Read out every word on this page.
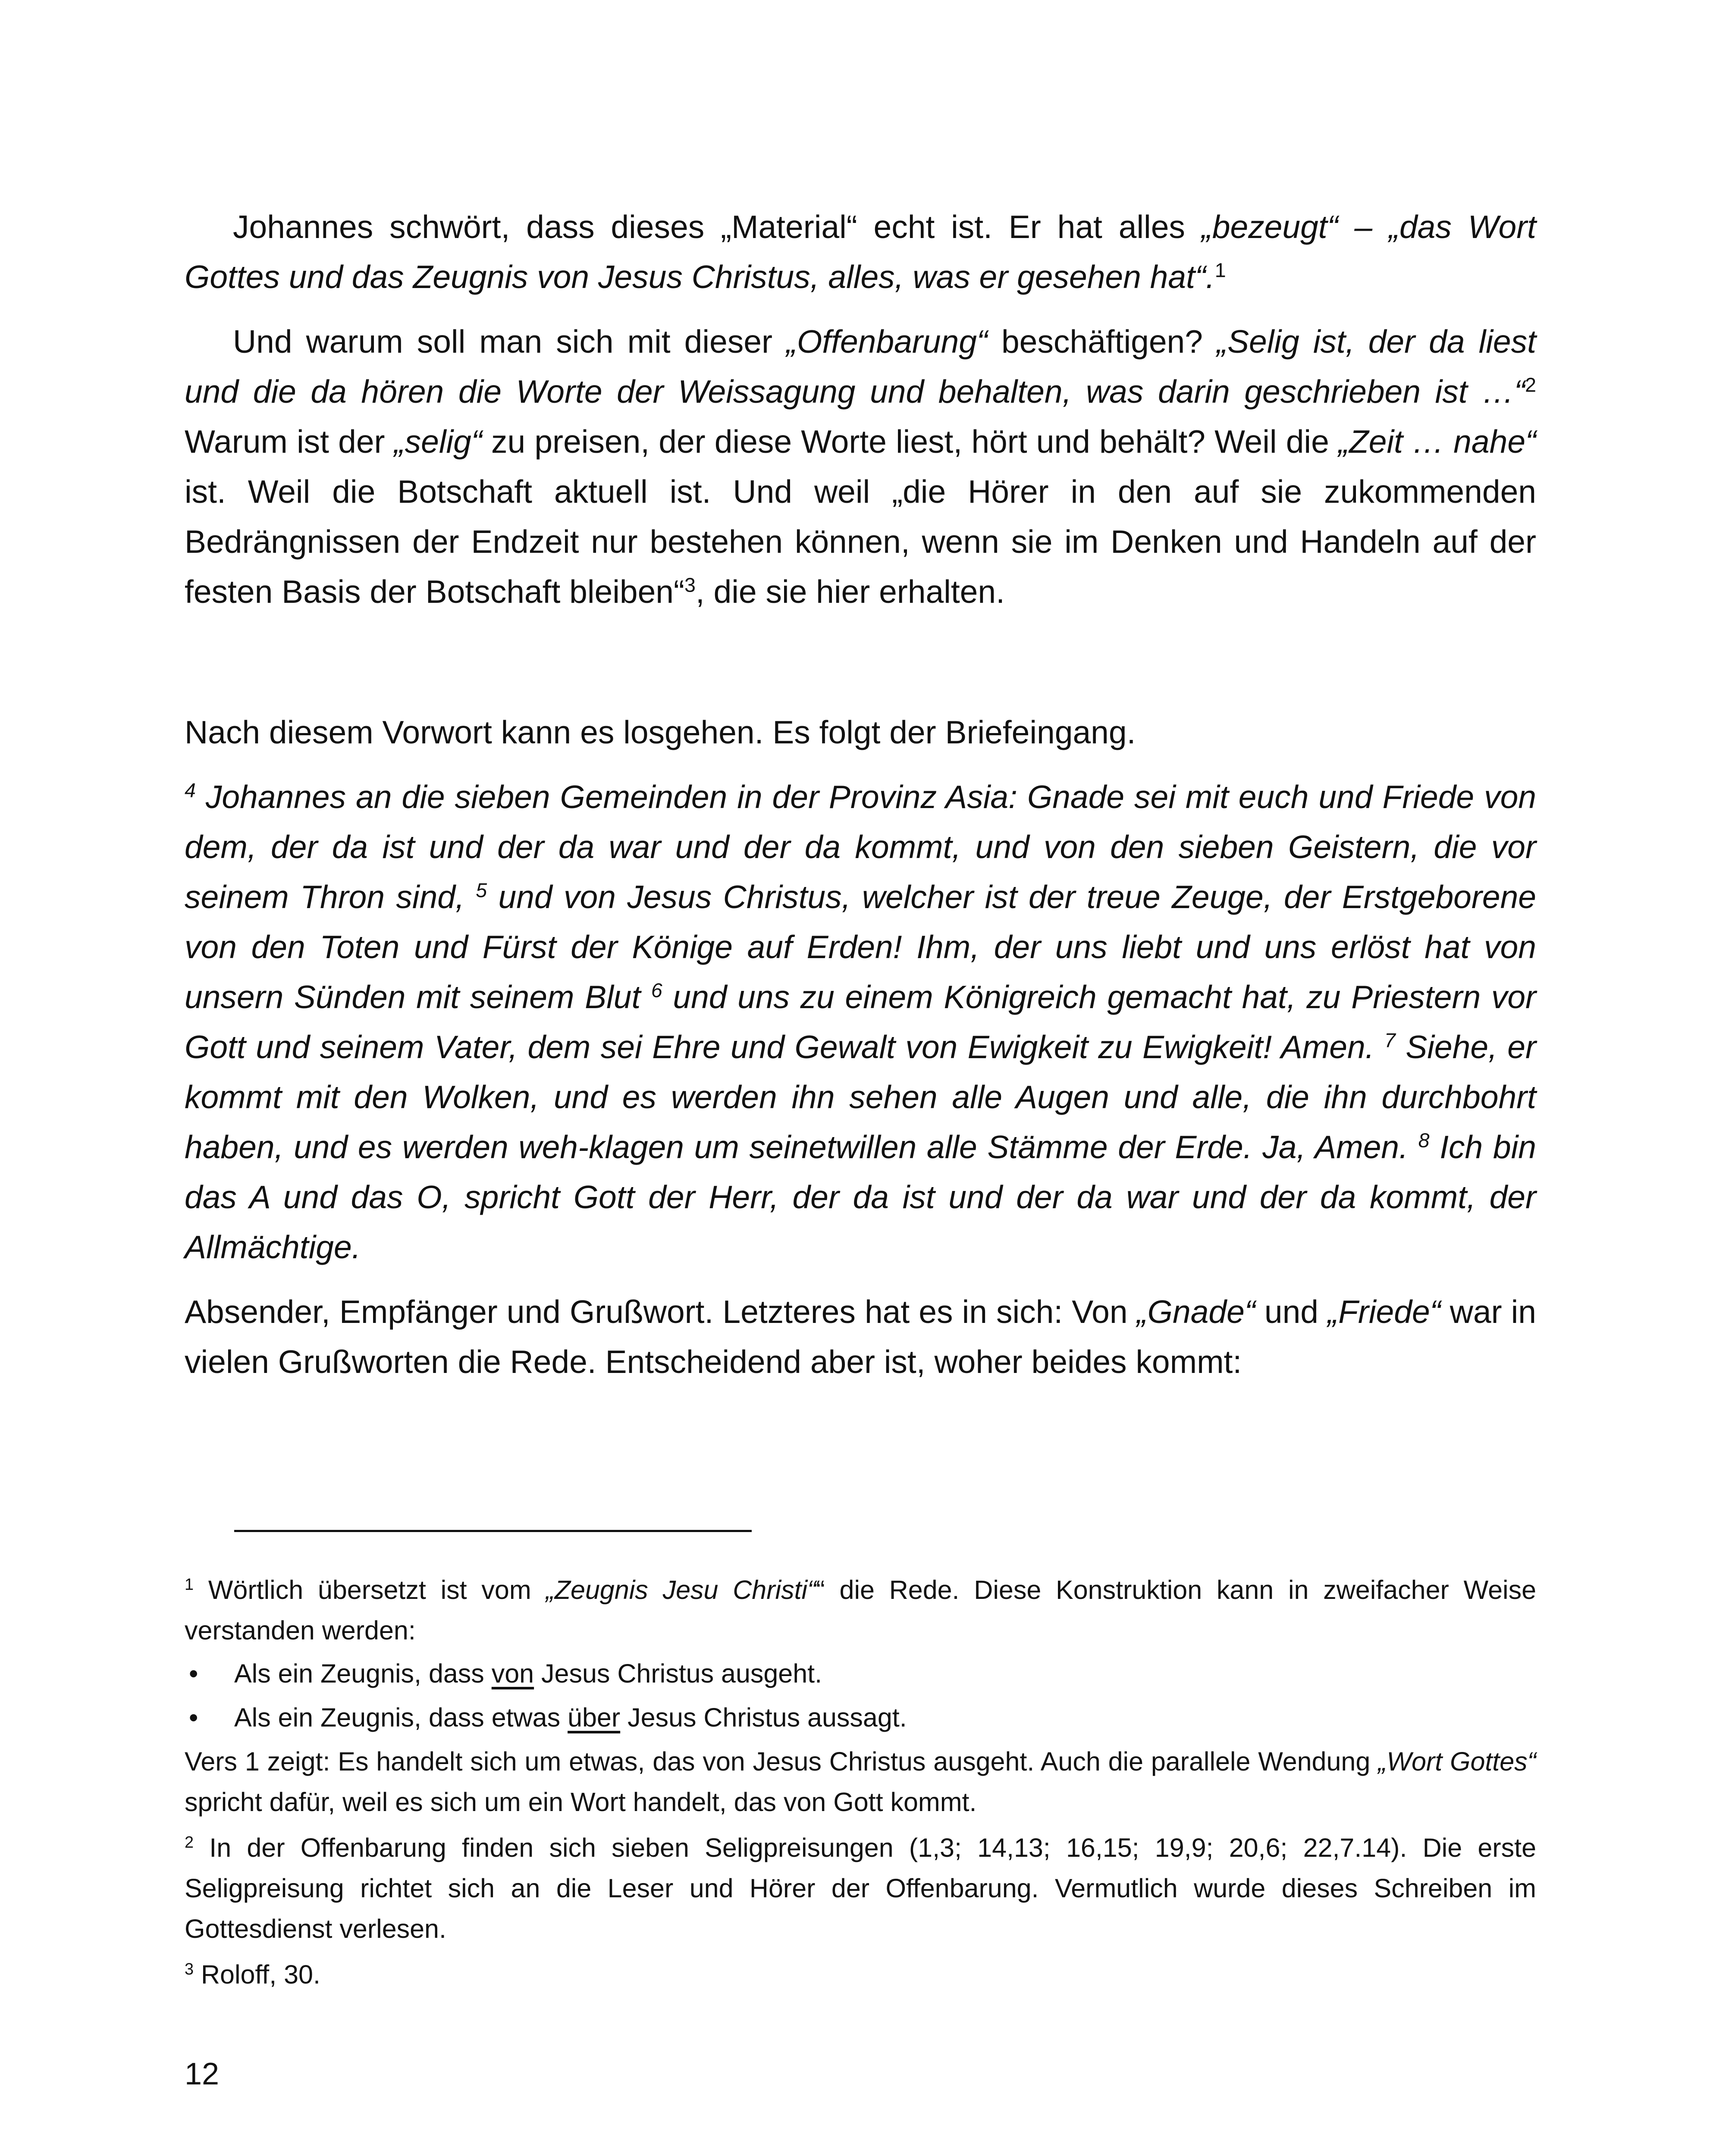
Johannes schwört, dass dieses „Material“ echt ist. Er hat alles „bezeugt“ – „das Wort Gottes und das Zeugnis von Jesus Christus, alles, was er gesehen hat“.$^1$

Und warum soll man sich mit dieser „Offenbarung“ beschäftigen? „Selig ist, der da liest und die da hören die Worte der Weissagung und behalten, was darin geschrieben ist …“$^2$ Warum ist der „selig“ zu preisen, der diese Worte liest, hört und behält? Weil die „Zeit … nahe“ ist. Weil die Botschaft aktuell ist. Und weil „die Hörer in den auf sie zukommenden Bedrängnissen der Endzeit nur bestehen können, wenn sie im Denken und Handeln auf der festen Basis der Botschaft bleiben“$^3$, die sie hier erhalten.

Nach diesem Vorwort kann es losgehen. Es folgt der Briefeingang.

$^4$ Johannes an die sieben Gemeinden in der Provinz Asia: Gnade sei mit euch und Friede von dem, der da ist und der da war und der da kommt, und von den sieben Geistern, die vor seinem Thron sind, $^5$ und von Jesus Christus, welcher ist der treue Zeuge, der Erstgeborene von den Toten und Fürst der Könige auf Erden! Ihm, der uns liebt und uns erlöst hat von unsern Sünden mit seinem Blut $^6$ und uns zu einem Königreich gemacht hat, zu Priestern vor Gott und seinem Vater, dem sei Ehre und Gewalt von Ewigkeit zu Ewigkeit! Amen. $^7$ Siehe, er kommt mit den Wolken, und es werden ihn sehen alle Augen und alle, die ihn durchbohrt haben, und es werden weh-klagen um seinetwillen alle Stämme der Erde. Ja, Amen. $^8$ Ich bin das A und das O, spricht Gott der Herr, der da ist und der da war und der da kommt, der Allmächtige.

Absender, Empfänger und Grußwort. Letzteres hat es in sich: Von „Gnade“ und „Friede“ war in vielen Grußworten die Rede. Entscheidend aber ist, woher beides kommt:

$^1$ Wörtlich übersetzt ist vom „Zeugnis Jesu Christi““ die Rede. Diese Konstruktion kann in zweifacher Weise verstanden werden:

• Als ein Zeugnis, dass von Jesus Christus ausgeht.
• Als ein Zeugnis, dass etwas über Jesus Christus aussagt.

Vers 1 zeigt: Es handelt sich um etwas, das von Jesus Christus ausgeht. Auch die parallele Wendung „Wort Gottes“ spricht dafür, weil es sich um ein Wort handelt, das von Gott kommt.

$^2$ In der Offenbarung finden sich sieben Seligpreisungen (1,3; 14,13; 16,15; 19,9; 20,6; 22,7.14). Die erste Seligpreisung richtet sich an die Leser und Hörer der Offenbarung. Vermutlich wurde dieses Schreiben im Gottesdienst verlesen.

$^3$ Roloff, 30.

12
